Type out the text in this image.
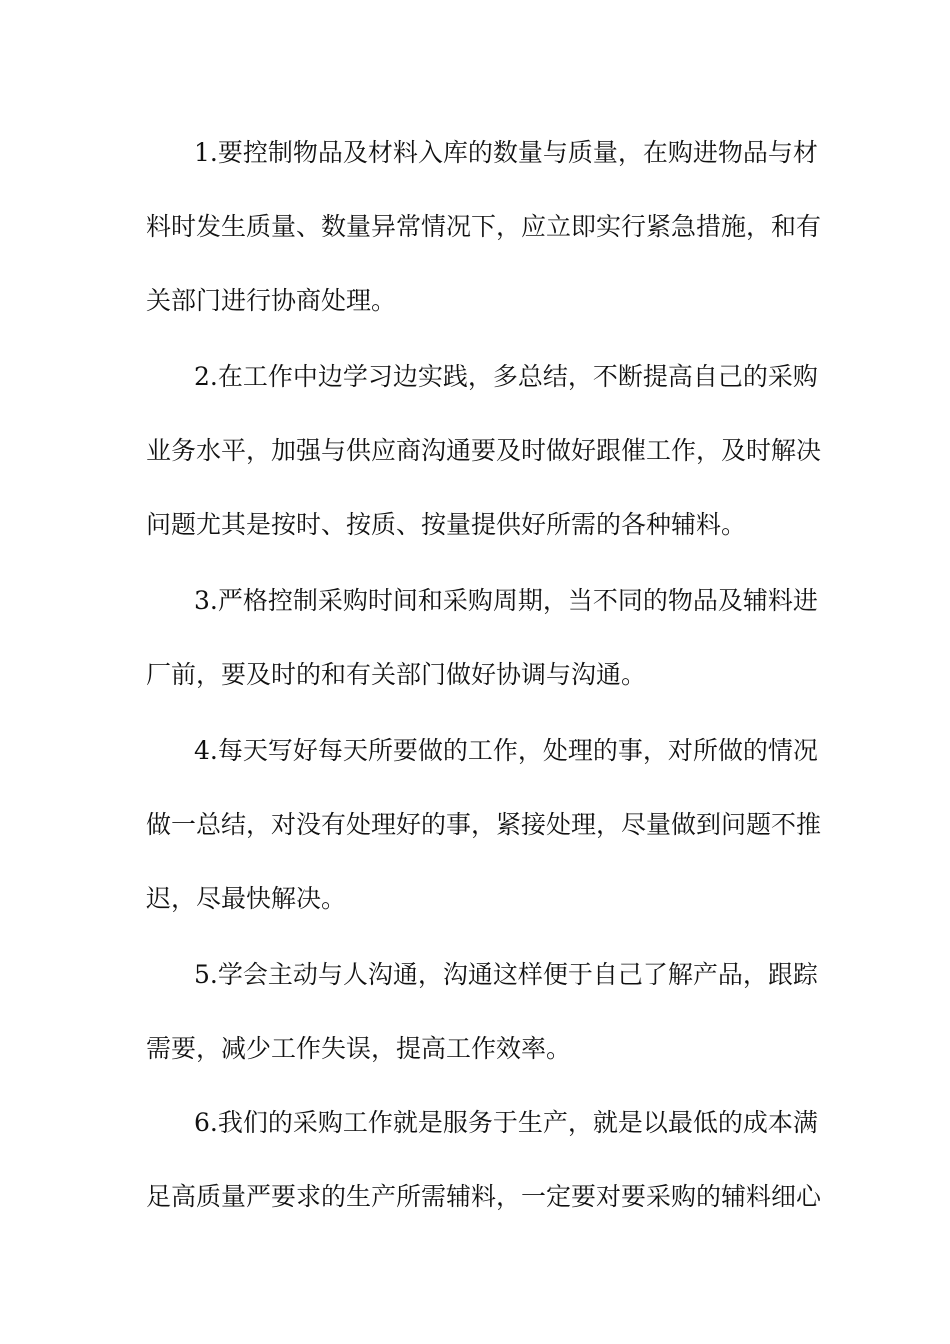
1.要控制物品及材料入库的数量与质量，在购进物品与材
料时发生质量、数量异常情况下，应立即实行紧急措施，和有
关部门进行协商处理。
2.在工作中边学习边实践，多总结，不断提高自己的采购
业务水平，加强与供应商沟通要及时做好跟催工作，及时解决
问题尤其是按时、按质、按量提供好所需的各种辅料。
3.严格控制采购时间和采购周期，当不同的物品及辅料进
厂前，要及时的和有关部门做好协调与沟通。
4.每天写好每天所要做的工作，处理的事，对所做的情况
做一总结，对没有处理好的事，紧接处理，尽量做到问题不推
迟，尽最快解决。
5.学会主动与人沟通，沟通这样便于自己了解产品，跟踪
需要，减少工作失误，提高工作效率。
6.我们的采购工作就是服务于生产，就是以最低的成本满
足高质量严要求的生产所需辅料，一定要对要采购的辅料细心
